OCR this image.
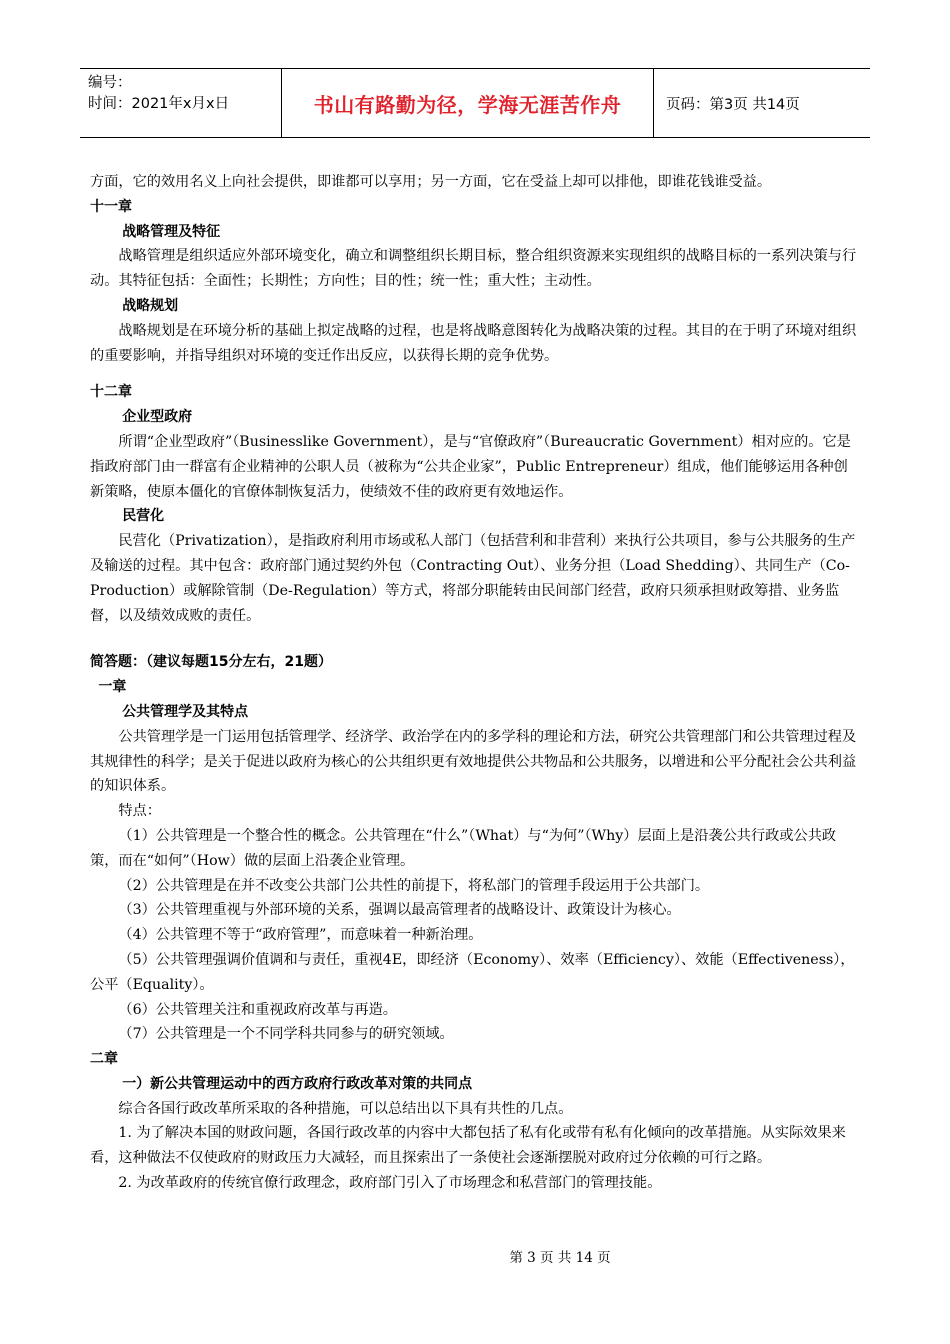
编号：
时间：2021年x月x日	书山有路勤为径，学海无涯苦作舟	页码：第3页 共14页

方面，它的效用名义上向社会提供，即谁都可以享用；另一方面，它在受益上却可以排他，即谁花钱谁受益。

十一章

战略管理及特征

战略管理是组织适应外部环境变化，确立和调整组织长期目标，整合组织资源来实现组织的战略目标的一系列决策与行动。其特征包括：全面性；长期性；方向性；目的性；统一性；重大性；主动性。

战略规划

战略规划是在环境分析的基础上拟定战略的过程，也是将战略意图转化为战略决策的过程。其目的在于明了环境对组织的重要影响，并指导组织对环境的变迁作出反应，以获得长期的竞争优势。

十二章

企业型政府

所谓“企业型政府”（Businesslike Government），是与“官僚政府”（Bureaucratic Government）相对应的。它是指政府部门由一群富有企业精神的公职人员（被称为“公共企业家”，Public Entrepreneur）组成，他们能够运用各种创新策略，使原本僵化的官僚体制恢复活力，使绩效不佳的政府更有效地运作。

民营化

民营化（Privatization），是指政府利用市场或私人部门（包括营利和非营利）来执行公共项目，参与公共服务的生产及输送的过程。其中包含：政府部门通过契约外包（Contracting Out）、业务分担（Load Shedding）、共同生产（Co- Production）或解除管制（De-Regulation）等方式，将部分职能转由民间部门经营，政府只须承担财政筹措、业务监督，以及绩效成败的责任。

简答题：（建议每题15分左右，21题）

一章

公共管理学及其特点

公共管理学是一门运用包括管理学、经济学、政治学在内的多学科的理论和方法，研究公共管理部门和公共管理过程及其规律性的科学；是关于促进以政府为核心的公共组织更有效地提供公共物品和公共服务，以增进和公平分配社会公共利益的知识体系。

特点：

（1）公共管理是一个整合性的概念。公共管理在“什么”（What）与“为何”（Why）层面上是沿袭公共行政或公共政策，而在“如何”（How）做的层面上沿袭企业管理。

（2）公共管理是在并不改变公共部门公共性的前提下，将私部门的管理手段运用于公共部门。

（3）公共管理重视与外部环境的关系，强调以最高管理者的战略设计、政策设计为核心。

（4）公共管理不等于“政府管理”，而意味着一种新治理。

（5）公共管理强调价值调和与责任，重视4E，即经济（Economy）、效率（Efficiency）、效能（Effectiveness），公平（Equality）。

（6）公共管理关注和重视政府改革与再造。

（7）公共管理是一个不同学科共同参与的研究领域。

二章

一）新公共管理运动中的西方政府行政改革对策的共同点

综合各国行政改革所采取的各种措施，可以总结出以下具有共性的几点。

1. 为了解决本国的财政问题，各国行政改革的内容中大都包括了私有化或带有私有化倾向的改革措施。从实际效果来看，这种做法不仅使政府的财政压力大减轻，而且探索出了一条使社会逐渐摆脱对政府过分依赖的可行之路。

2. 为改革政府的传统官僚行政理念，政府部门引入了市场理念和私营部门的管理技能。

第 3 页 共 14 页
